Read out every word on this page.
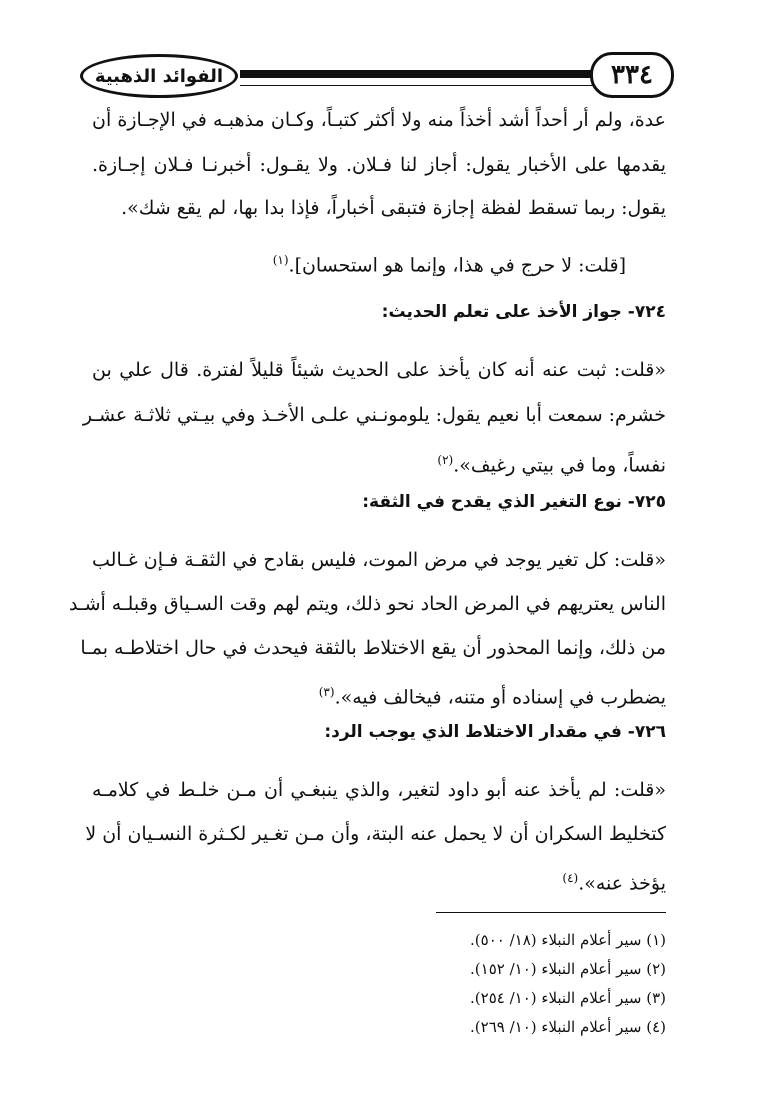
٣٣٤
الفوائد الذهبية
عدة، ولم أر أحداً أشد أخذاً منه ولا أكثر كتبـاً، وكـان مذهبـه في الإجـازة أن
يقدمها على الأخبار يقول: أجاز لنا فـلان. ولا يقـول: أخبرنـا فـلان إجـازة.
يقول: ربما تسقط لفظة إجازة فتبقى أخباراً، فإذا بدا بها، لم يقع شك».
[قلت: لا حرج في هذا، وإنما هو استحسان].$^{(١)}$
٧٢٤- جواز الأخذ على تعلم الحديث:
«قلت: ثبت عنه أنه كان يأخذ على الحديث شيئاً قليلاً لفترة. قال علي بن
خشرم: سمعت أبا نعيم يقول: يلومونـني علـى الأخـذ وفي بيـتي ثلاثـة عشـر
نفساً، وما في بيتي رغيف».$^{(٢)}$
٧٢٥- نوع التغير الذي يقدح في الثقة:
«قلت: كل تغير يوجد في مرض الموت، فليس بقادح في الثقـة فـإن غـالب
الناس يعتريهم في المرض الحاد نحو ذلك، ويتم لهم وقت السـياق وقبلـه أشـد
من ذلك، وإنما المحذور أن يقع الاختلاط بالثقة فيحدث في حال اختلاطـه بمـا
يضطرب في إسناده أو متنه، فيخالف فيه».$^{(٣)}$
٧٢٦- في مقدار الاختلاط الذي يوجب الرد:
«قلت: لم يأخذ عنه أبو داود لتغير، والذي ينبغـي أن مـن خلـط في كلامـه
كتخليط السكران أن لا يحمل عنه البتة، وأن مـن تغـير لكـثرة النسـيان أن لا
يؤخذ عنه».$^{(٤)}$
(١) سير أعلام النبلاء (١٨/ ٥٠٠).
(٢) سير أعلام النبلاء (١٠/ ١٥٢).
(٣) سير أعلام النبلاء (١٠/ ٢٥٤).
(٤) سير أعلام النبلاء (١٠/ ٢٦٩).
